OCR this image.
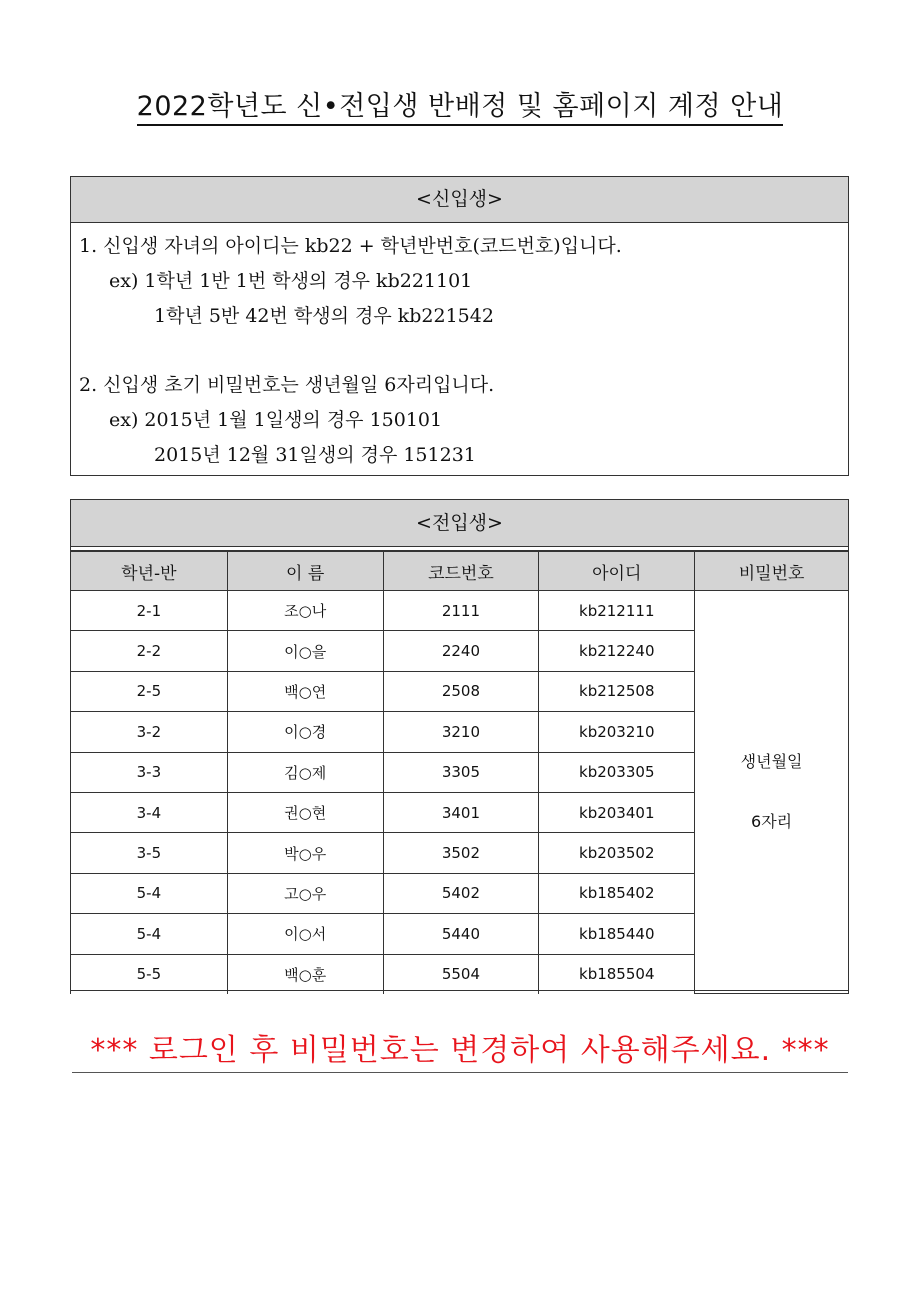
2022학년도 신•전입생 반배정 및 홈페이지 계정 안내
<신입생>
1. 신입생 자녀의 아이디는 kb22 + 학년반번호(코드번호)입니다.
ex) 1학년 1반 1번 학생의 경우 kb221101
1학년 5반 42번 학생의 경우 kb221542
2. 신입생 초기 비밀번호는 생년월일 6자리입니다.
ex) 2015년 1월 1일생의 경우 150101
2015년 12월 31일생의 경우 151231
<전입생>
학년-반	이 름	코드번호	아이디	비밀번호
2-1	조○나	2111	kb212111	생년월일
6자리

2-2	이○을	2240	kb212240	
2-5	백○연	2508	kb212508	
3-2	이○경	3210	kb203210	
3-3	김○제	3305	kb203305	
3-4	권○현	3401	kb203401	
3-5	박○우	3502	kb203502	
5-4	고○우	5402	kb185402	
5-4	이○서	5440	kb185440	
5-5	백○훈	5504	kb185504	
*** 로그인 후 비밀번호는 변경하여 사용해주세요. ***
